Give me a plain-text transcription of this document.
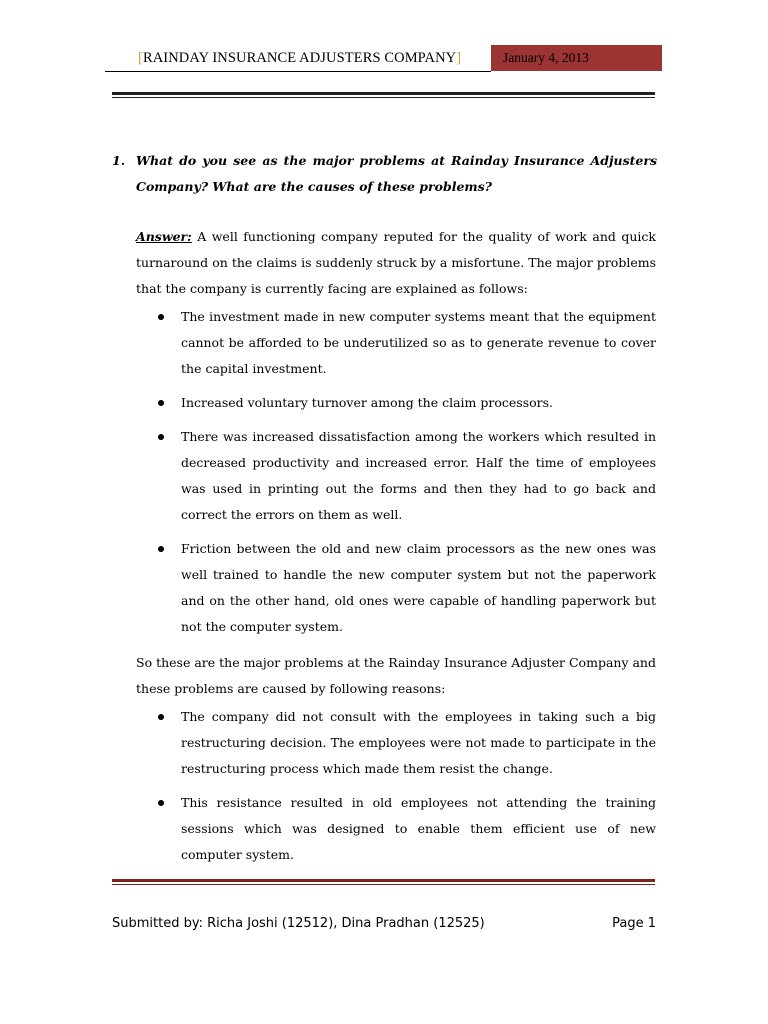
[RAINDAY INSURANCE ADJUSTERS COMPANY]	January 4, 2013
1. What do you see as the major problems at Rainday Insurance Adjusters Company? What are the causes of these problems?
Answer: A well functioning company reputed for the quality of work and quick turnaround on the claims is suddenly struck by a misfortune. The major problems that the company is currently facing are explained as follows:
The investment made in new computer systems meant that the equipment cannot be afforded to be underutilized so as to generate revenue to cover the capital investment.
Increased voluntary turnover among the claim processors.
There was increased dissatisfaction among the workers which resulted in decreased productivity and increased error. Half the time of employees was used in printing out the forms and then they had to go back and correct the errors on them as well.
Friction between the old and new claim processors as the new ones was well trained to handle the new computer system but not the paperwork and on the other hand, old ones were capable of handling paperwork but not the computer system.
So these are the major problems at the Rainday Insurance Adjuster Company and these problems are caused by following reasons:
The company did not consult with the employees in taking such a big restructuring decision. The employees were not made to participate in the restructuring process which made them resist the change.
This resistance resulted in old employees not attending the training sessions which was designed to enable them efficient use of new computer system.
Submitted by: Richa Joshi (12512), Dina Pradhan (12525)	Page 1
